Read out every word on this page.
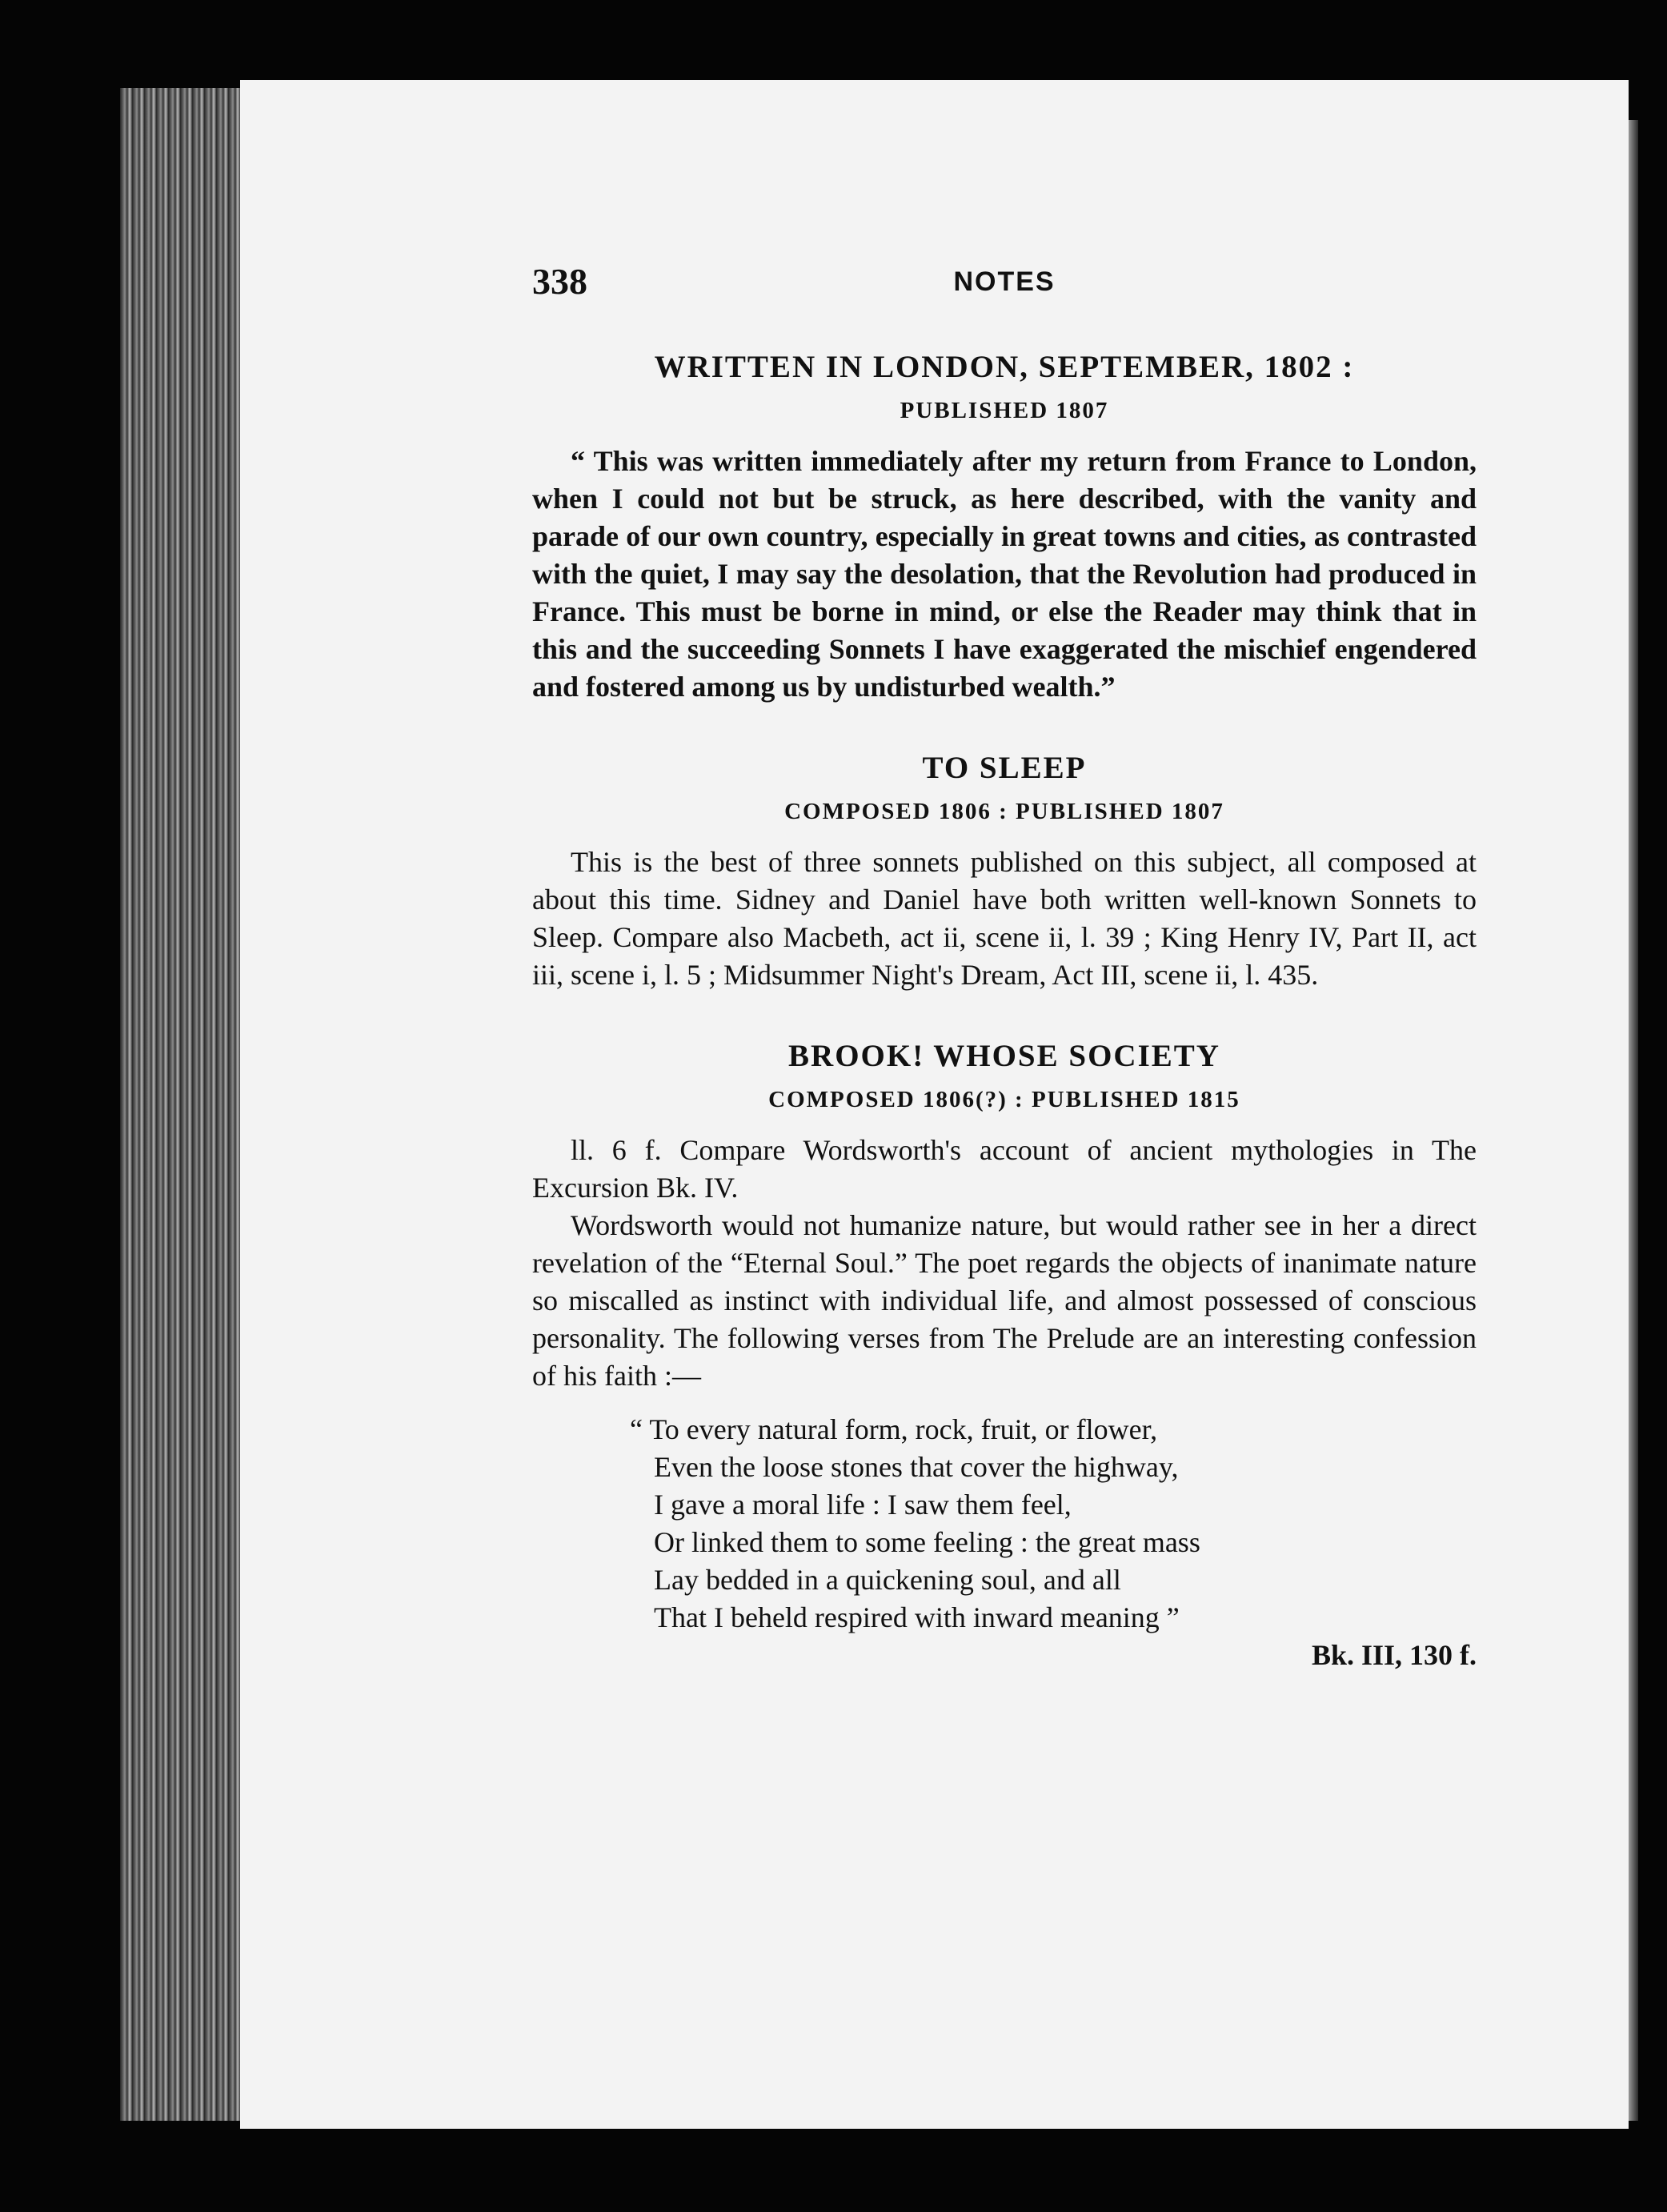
338	NOTES
WRITTEN IN LONDON, SEPTEMBER, 1802 :
PUBLISHED 1807

“ This was written immediately after my return from France to London, when I could not but be struck, as here described, with the vanity and parade of our own country, especially in great towns and cities, as contrasted with the quiet, I may say the desolation, that the Revolution had produced in France. This must be borne in mind, or else the Reader may think that in this and the succeeding Sonnets I have exaggerated the mischief engendered and fostered among us by undisturbed wealth.”

TO SLEEP
COMPOSED 1806 : PUBLISHED 1807

This is the best of three sonnets published on this subject, all composed at about this time. Sidney and Daniel have both written well-known Sonnets to Sleep. Compare also Macbeth, act ii, scene ii, l. 39 ; King Henry IV, Part II, act iii, scene i, l. 5 ; Midsummer Night's Dream, Act III, scene ii, l. 435.

BROOK! WHOSE SOCIETY
COMPOSED 1806(?) : PUBLISHED 1815

ll. 6 f. Compare Wordsworth's account of ancient mythologies in The Excursion Bk. IV.

Wordsworth would not humanize nature, but would rather see in her a direct revelation of the “Eternal Soul.” The poet regards the objects of inanimate nature so miscalled as instinct with individual life, and almost possessed of conscious personality. The following verses from The Prelude are an interesting confession of his faith :—

“ To every natural form, rock, fruit, or flower,
Even the loose stones that cover the highway,
I gave a moral life : I saw them feel,
Or linked them to some feeling : the great mass
Lay bedded in a quickening soul, and all
That I beheld respired with inward meaning ”
Bk. III, 130 f.
